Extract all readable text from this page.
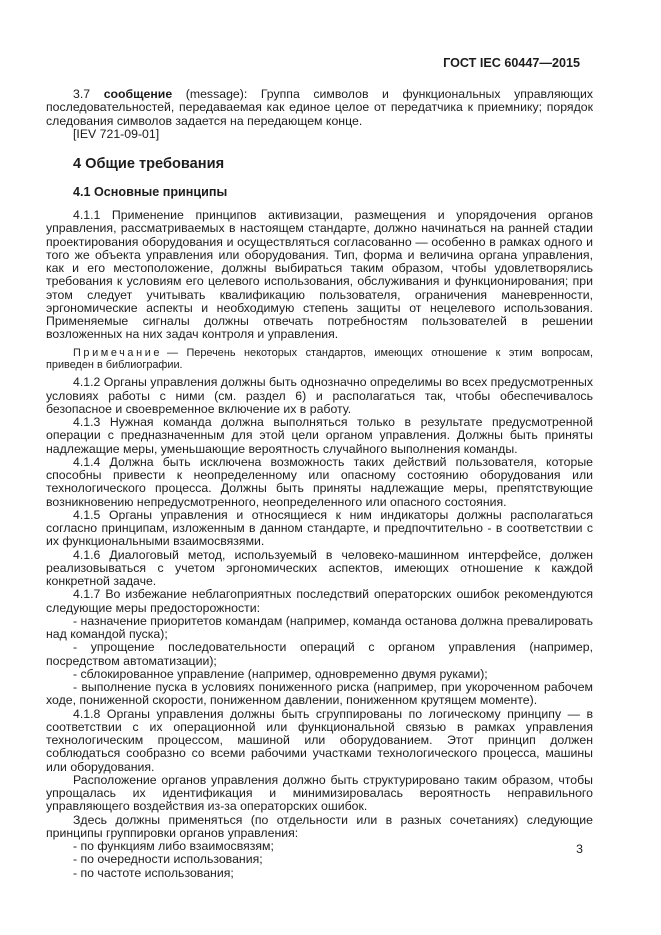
ГОСТ IEC 60447—2015

3.7 сообщение (message): Группа символов и функциональных управляющих последовательностей, передаваемая как единое целое от передатчика к приемнику; порядок следования символов задается на передающем конце.

[IEV 721-09-01]

4 Общие требования
4.1 Основные принципы

4.1.1 Применение принципов активизации, размещения и упорядочения органов управления, рассматриваемых в настоящем стандарте, должно начинаться на ранней стадии проектирования оборудования и осуществляться согласованно — особенно в рамках одного и того же объекта управления или оборудования. Тип, форма и величина органа управления, как и его местоположение, должны выбираться таким образом, чтобы удовлетворялись требования к условиям его целевого использования, обслуживания и функционирования; при этом следует учитывать квалификацию пользователя, ограничения маневренности, эргономические аспекты и необходимую степень защиты от нецелевого использования. Применяемые сигналы должны отвечать потребностям пользователей в решении возложенных на них задач контроля и управления.

Примечание — Перечень некоторых стандартов, имеющих отношение к этим вопросам, приведен в библиографии.

4.1.2 Органы управления должны быть однозначно определимы во всех предусмотренных условиях работы с ними (см. раздел 6) и располагаться так, чтобы обеспечивалось безопасное и своевременное включение их в работу.

4.1.3 Нужная команда должна выполняться только в результате предусмотренной операции с предназначенным для этой цели органом управления. Должны быть приняты надлежащие меры, уменьшающие вероятность случайного выполнения команды.

4.1.4 Должна быть исключена возможность таких действий пользователя, которые способны привести к неопределенному или опасному состоянию оборудования или технологического процесса. Должны быть приняты надлежащие меры, препятствующие возникновению непредусмотренного, неопределенного или опасного состояния.

4.1.5 Органы управления и относящиеся к ним индикаторы должны располагаться согласно принципам, изложенным в данном стандарте, и предпочтительно - в соответствии с их функциональными взаимосвязями.

4.1.6 Диалоговый метод, используемый в человеко-машинном интерфейсе, должен реализовываться с учетом эргономических аспектов, имеющих отношение к каждой конкретной задаче.

4.1.7 Во избежание неблагоприятных последствий операторских ошибок рекомендуются следующие меры предосторожности:

- назначение приоритетов командам (например, команда останова должна превалировать над командой пуска);

- упрощение последовательности операций с органом управления (например, посредством автоматизации);

- сблокированное управление (например, одновременно двумя руками);

- выполнение пуска в условиях пониженного риска (например, при укороченном рабочем ходе, пониженной скорости, пониженном давлении, пониженном крутящем моменте).

4.1.8 Органы управления должны быть сгруппированы по логическому принципу — в соответствии с их операционной или функциональной связью в рамках управления технологическим процессом, машиной или оборудованием. Этот принцип должен соблюдаться сообразно со всеми рабочими участками технологического процесса, машины или оборудования.

Расположение органов управления должно быть структурировано таким образом, чтобы упрощалась их идентификация и минимизировалась вероятность неправильного управляющего воздействия из-за операторских ошибок.

Здесь должны применяться (по отдельности или в разных сочетаниях) следующие принципы группировки органов управления:

- по функциям либо взаимосвязям;

- по очередности использования;

- по частоте использования;

3
